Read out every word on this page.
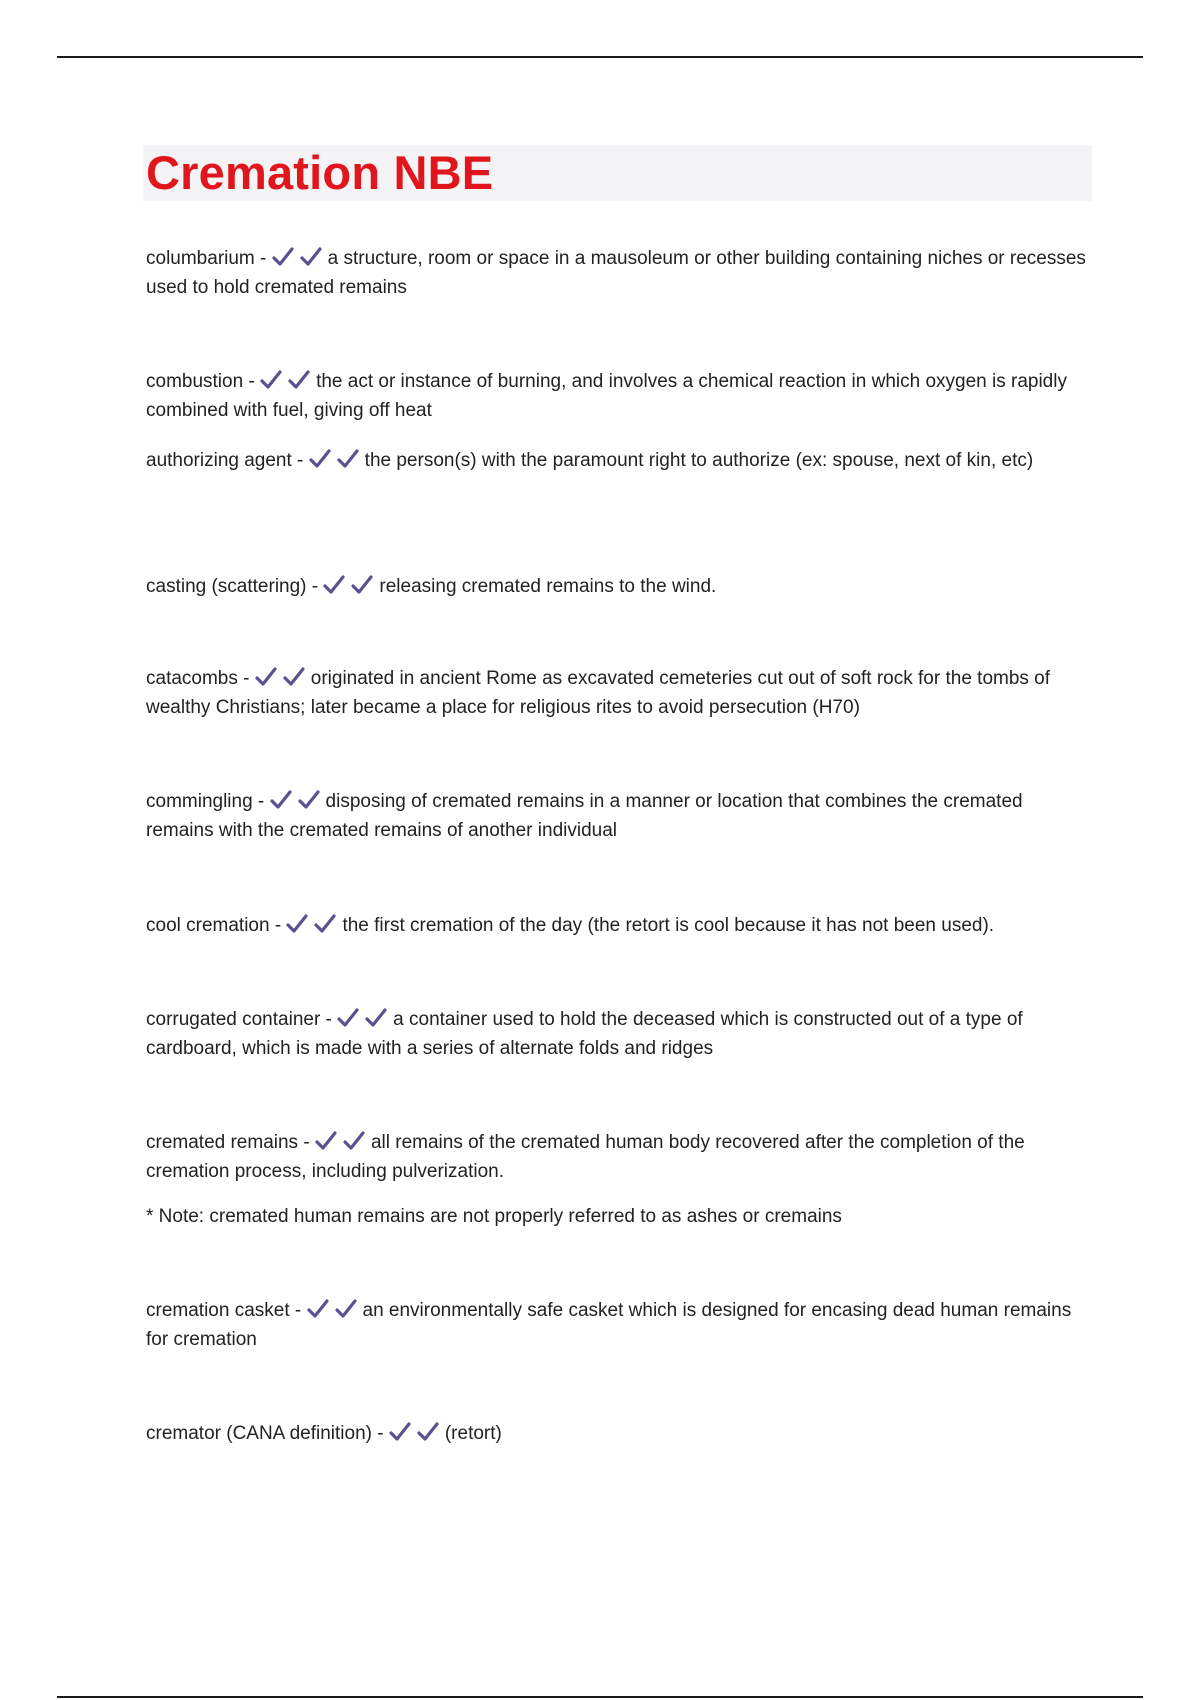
Cremation NBE

columbarium -	a structure, room or space in a mausoleum or other building containing niches or recesses used to hold cremated remains

combustion -	the act or instance of burning, and involves a chemical reaction in which oxygen is rapidly combined with fuel, giving off heat

authorizing agent -	the person(s) with the paramount right to authorize (ex: spouse, next of kin, etc)

casting (scattering) -	releasing cremated remains to the wind.

catacombs -	originated in ancient Rome as excavated cemeteries cut out of soft rock for the tombs of wealthy Christians; later became a place for religious rites to avoid persecution (H70)

commingling -	disposing of cremated remains in a manner or location that combines the cremated remains with the cremated remains of another individual

cool cremation -	the first cremation of the day (the retort is cool because it has not been used).

corrugated container -	a container used to hold the deceased which is constructed out of a type of cardboard, which is made with a series of alternate folds and ridges

cremated remains -	all remains of the cremated human body recovered after the completion of the cremation process, including pulverization.

* Note: cremated human remains are not properly referred to as ashes or cremains

cremation casket -	an environmentally safe casket which is designed for encasing dead human remains for cremation

cremator (CANA definition) -	(retort)
